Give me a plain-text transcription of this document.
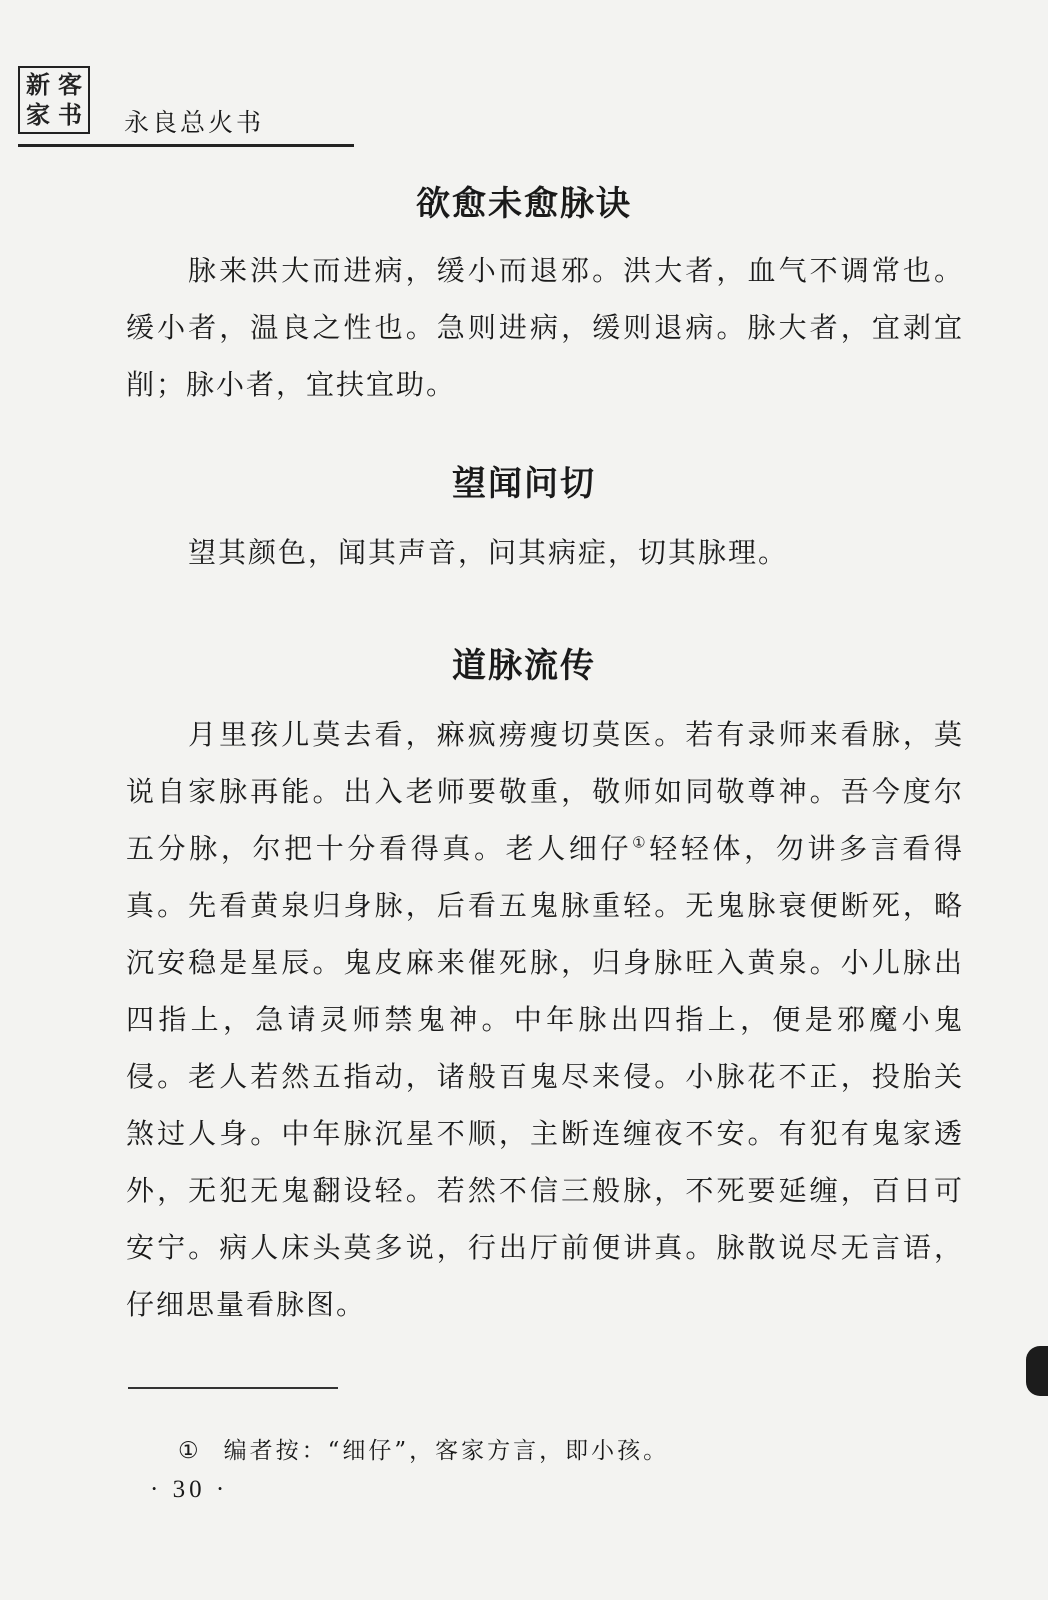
新 客
家 书 永良总火书
欲愈未愈脉诀

脉来洪大而进病，缓小而退邪。洪大者，血气不调常也。缓小者，温良之性也。急则进病，缓则退病。脉大者，宜剥宜削；脉小者，宜扶宜助。

望闻问切

望其颜色，闻其声音，问其病症，切其脉理。

道脉流传

月里孩儿莫去看，痳疯痨瘦切莫医。若有录师来看脉，莫说自家脉再能。出入老师要敬重，敬师如同敬尊神。吾今度尔五分脉，尔把十分看得真。老人细仔①轻轻体，勿讲多言看得真。先看黄泉归身脉，后看五鬼脉重轻。无鬼脉衰便断死，略沉安稳是星辰。鬼皮麻来催死脉，归身脉旺入黄泉。小儿脉出四指上，急请灵师禁鬼神。中年脉出四指上，便是邪魔小鬼侵。老人若然五指动，诸般百鬼尽来侵。小脉花不正，投胎关煞过人身。中年脉沉星不顺，主断连缠夜不安。有犯有鬼家透外，无犯无鬼翻设轻。若然不信三般脉，不死要延缠，百日可安宁。病人床头莫多说，行出厅前便讲真。脉散说尽无言语，仔细思量看脉图。

① 编者按：“细仔”，客家方言，即小孩。
· 30 ·
